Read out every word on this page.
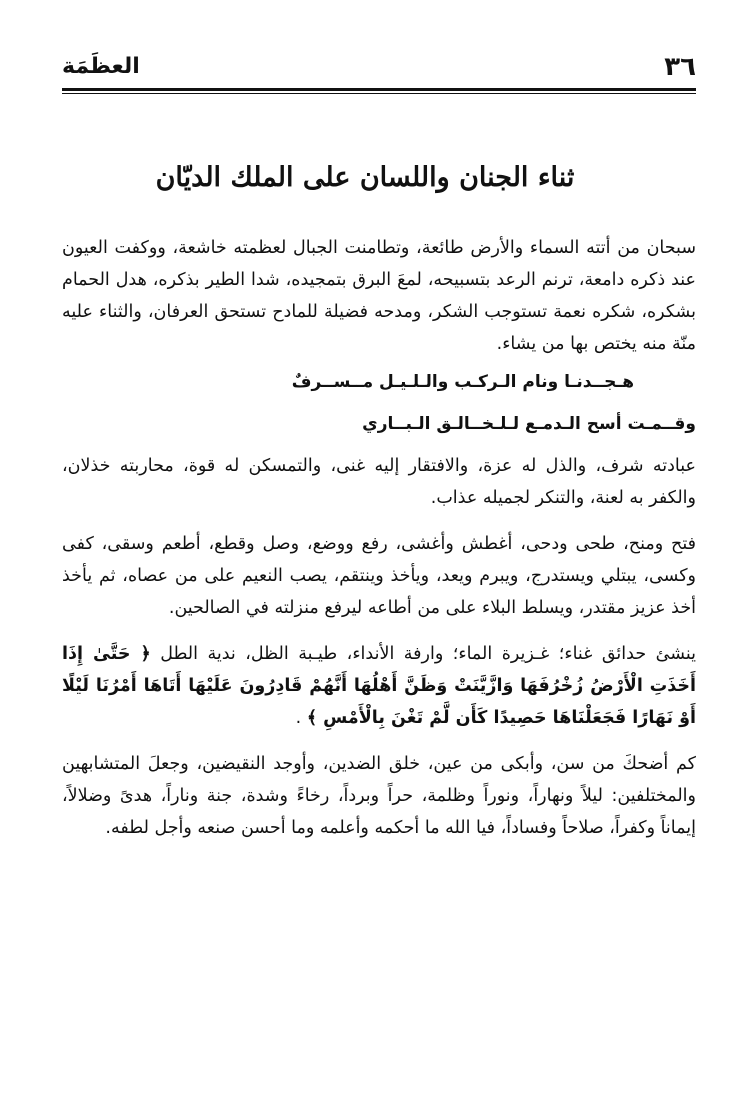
٣٦
العظَمَة
ثناء الجنان واللسان على الملك الديّان

سبحان من أتته السماء والأرض طائعة، وتطامنت الجبال لعظمته خاشعة، ووكفت العيون عند ذكره دامعة، ترنم الرعد بتسبيحه، لمعَ البرق بتمجيده، شدا الطير بذكره، هدل الحمام بشكره، شكره نعمة تستوجب الشكر، ومدحه فضيلة للمادح تستحق العرفان، والثناء عليه منّة منه يختص بها من يشاء.

هـجــدنـا ونام الـركـب والـلـيـل مــســرفٌ
وقــمـت أسح الـدمـع لـلـخــالـق الـبــاري

عبادته شرف، والذل له عزة، والافتقار إليه غنى، والتمسكن له قوة، محاربته خذلان، والكفر به لعنة، والتنكر لجميله عذاب.

فتح ومنح، طحى ودحى، أغطش وأغشى، رفع ووضع، وصل وقطع، أطعم وسقى، كفى وكسى، يبتلي ويستدرج، ويبرم ويعد، ويأخذ وينتقم، يصب النعيم على من عصاه، ثم يأخذ أخذ عزيز مقتدر، ويسلط البلاء على من أطاعه ليرفع منزلته في الصالحين.

ينشئ حدائق غناء؛ غـزيرة الماء؛ وارفة الأنداء، طيـبة الظل، ندية الطل ﴿ حَتَّىٰ إِذَا أَخَذَتِ الْأَرْضُ زُخْرُفَهَا وَازَّيَّنَتْ وَظَنَّ أَهْلُهَا أَنَّهُمْ قَادِرُونَ عَلَيْهَا أَتَاهَا أَمْرُنَا لَيْلًا أَوْ نَهَارًا فَجَعَلْنَاهَا حَصِيدًا كَأَن لَّمْ تَغْنَ بِالْأَمْسِ ﴾ .

كم أضحكَ من سن، وأبكى من عين، خلق الضدين، وأوجد النقيضين، وجعلَ المتشابهين والمختلفين: ليلاً ونهاراً، ونوراً وظلمة، حراً وبرداً، رخاءً وشدة، جنة وناراً، هدىً وضلالاً، إيماناً وكفراً، صلاحاً وفساداً، فيا الله ما أحكمه وأعلمه وما أحسن صنعه وأجل لطفه.
